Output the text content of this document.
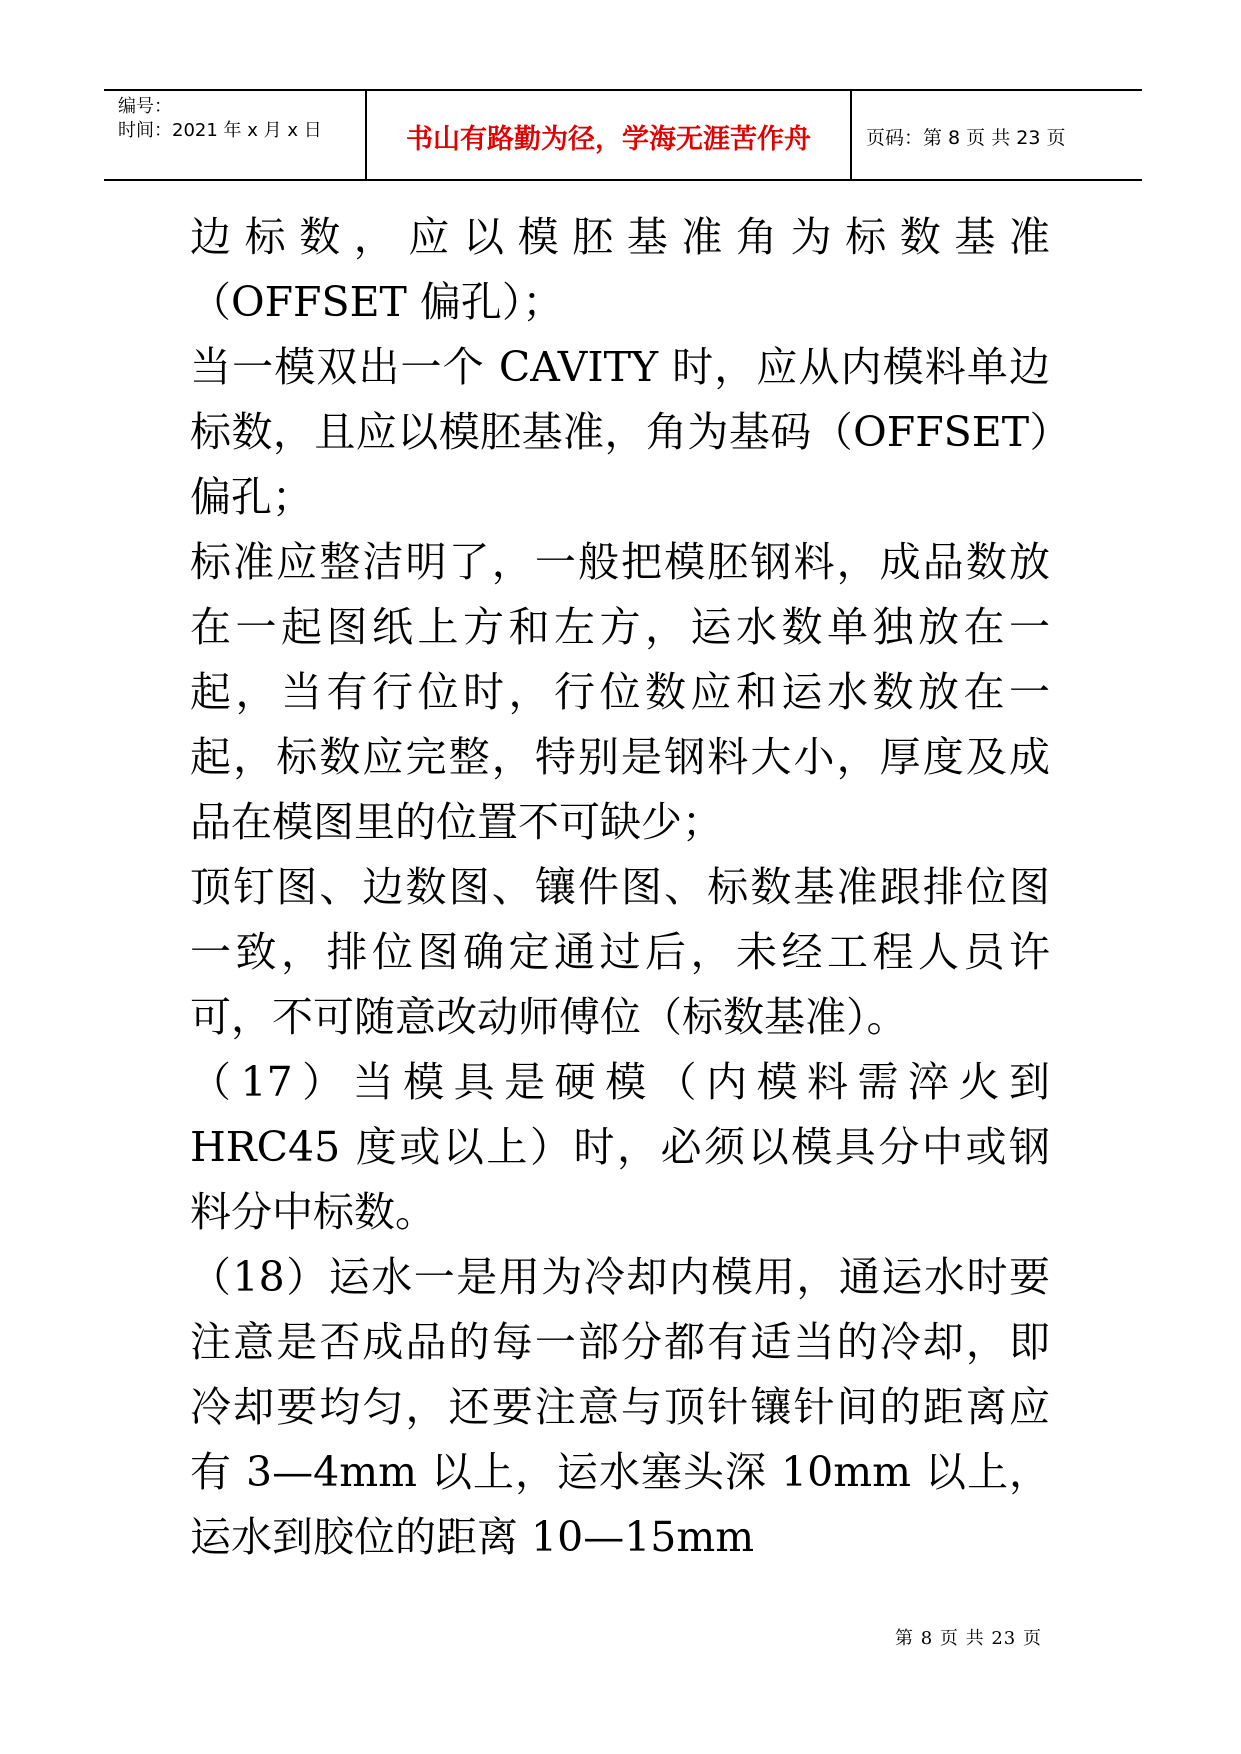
编号：
时间：2021 年 x 月 x 日	书山有路勤为径，学海无涯苦作舟	页码：第 8 页 共 23 页

边标数，应以模胚基准角为标数基准（OFFSET 偏孔）；

当一模双出一个 CAVITY 时，应从内模料单边标数，且应以模胚基准，角为基码（OFFSET）偏孔；

标准应整洁明了，一般把模胚钢料，成品数放在一起图纸上方和左方，运水数单独放在一起，当有行位时，行位数应和运水数放在一起，标数应完整，特别是钢料大小，厚度及成品在模图里的位置不可缺少；

顶钉图、边数图、镶件图、标数基准跟排位图一致，排位图确定通过后，未经工程人员许可，不可随意改动师傅位（标数基准）。

（17）当模具是硬模（内模料需淬火到 HRC45 度或以上）时，必须以模具分中或钢料分中标数。

（18）运水一是用为冷却内模用，通运水时要注意是否成品的每一部分都有适当的冷却，即冷却要均匀，还要注意与顶针镶针间的距离应有 3—4mm 以上，运水塞头深 10mm 以上，运水到胶位的距离 10—15mm

第 8 页 共 23 页
